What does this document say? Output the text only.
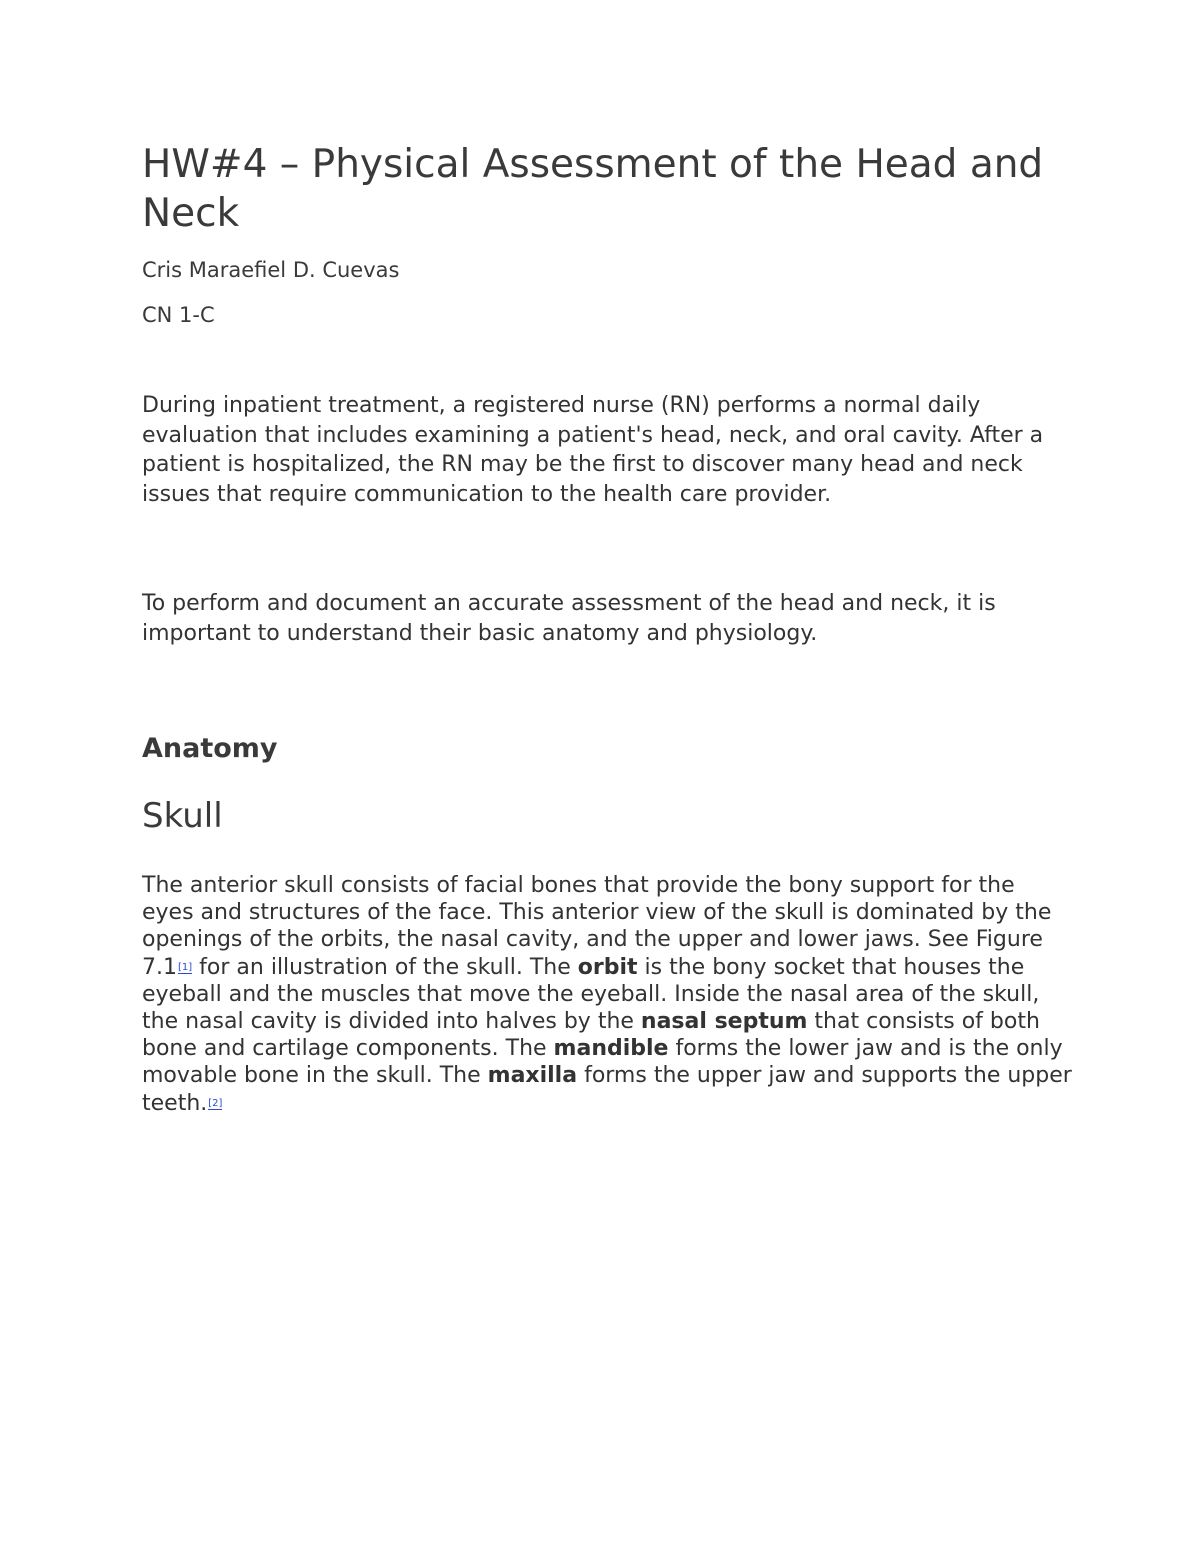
HW#4 – Physical Assessment of the Head and Neck

Cris Maraefiel D. Cuevas

CN 1-C

During inpatient treatment, a registered nurse (RN) performs a normal daily evaluation that includes examining a patient's head, neck, and oral cavity. After a patient is hospitalized, the RN may be the first to discover many head and neck issues that require communication to the health care provider.

To perform and document an accurate assessment of the head and neck, it is important to understand their basic anatomy and physiology.

Anatomy
Skull

The anterior skull consists of facial bones that provide the bony support for the eyes and structures of the face. This anterior view of the skull is dominated by the openings of the orbits, the nasal cavity, and the upper and lower jaws. See Figure 7.1[1] for an illustration of the skull. The orbit is the bony socket that houses the eyeball and the muscles that move the eyeball. Inside the nasal area of the skull, the nasal cavity is divided into halves by the nasal septum that consists of both bone and cartilage components. The mandible forms the lower jaw and is the only movable bone in the skull. The maxilla forms the upper jaw and supports the upper teeth.[2]
